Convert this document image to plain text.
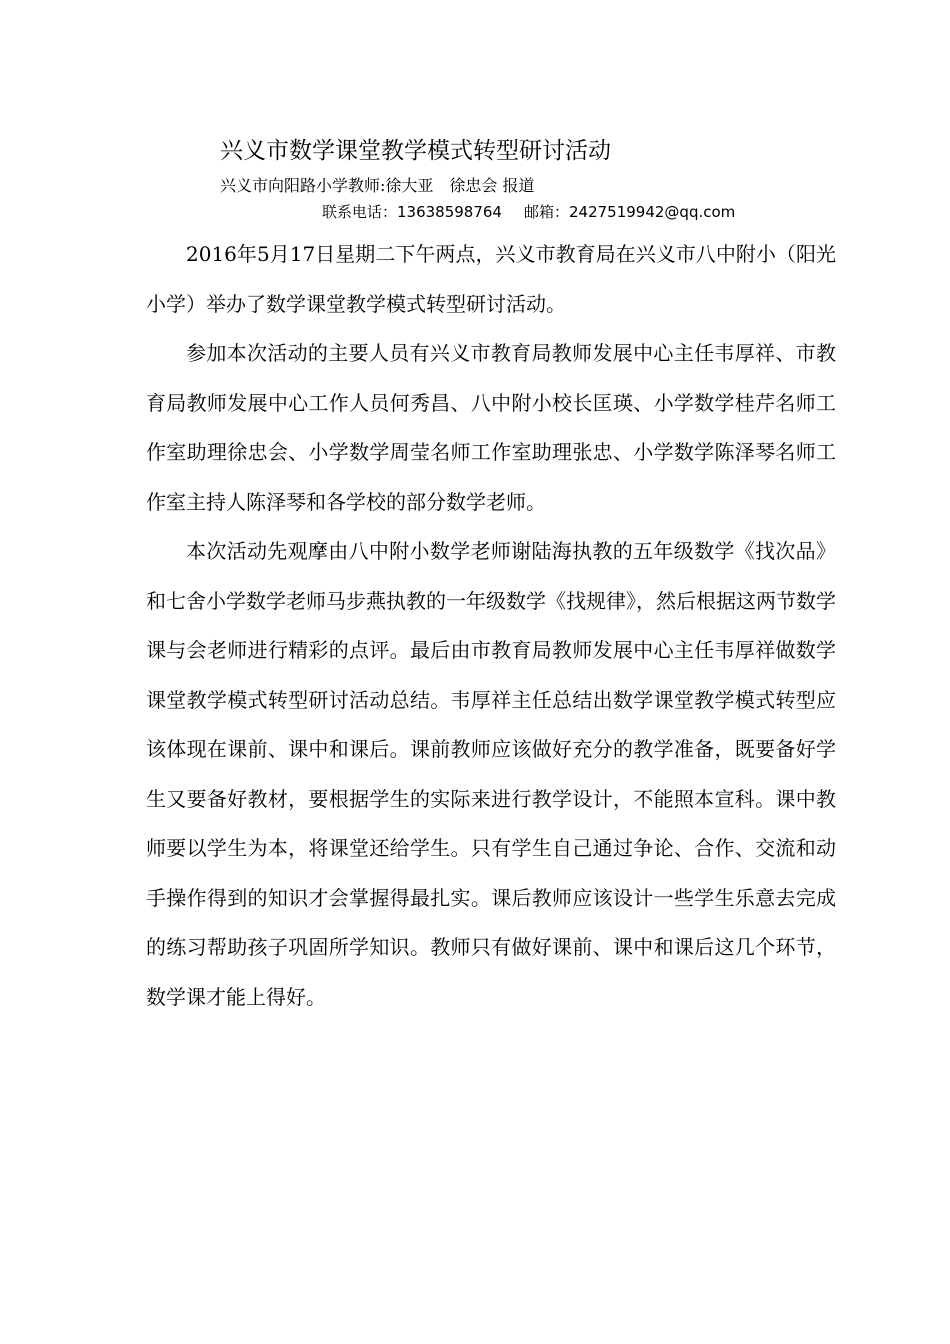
兴义市数学课堂教学模式转型研讨活动
兴义市向阳路小学教师:徐大亚 徐忠会 报道
联系电话：13638598764 邮箱：2427519942@qq.com

2016年5月17日星期二下午两点，兴义市教育局在兴义市八中附小（阳光小学）举办了数学课堂教学模式转型研讨活动。

参加本次活动的主要人员有兴义市教育局教师发展中心主任韦厚祥、市教育局教师发展中心工作人员何秀昌、八中附小校长匡瑛、小学数学桂芹名师工作室助理徐忠会、小学数学周莹名师工作室助理张忠、小学数学陈泽琴名师工作室主持人陈泽琴和各学校的部分数学老师。

本次活动先观摩由八中附小数学老师谢陆海执教的五年级数学《找次品》和七舍小学数学老师马步燕执教的一年级数学《找规律》，然后根据这两节数学课与会老师进行精彩的点评。最后由市教育局教师发展中心主任韦厚祥做数学课堂教学模式转型研讨活动总结。韦厚祥主任总结出数学课堂教学模式转型应该体现在课前、课中和课后。课前教师应该做好充分的教学准备，既要备好学生又要备好教材，要根据学生的实际来进行教学设计，不能照本宣科。课中教师要以学生为本，将课堂还给学生。只有学生自己通过争论、合作、交流和动手操作得到的知识才会掌握得最扎实。课后教师应该设计一些学生乐意去完成的练习帮助孩子巩固所学知识。教师只有做好课前、课中和课后这几个环节，数学课才能上得好。
